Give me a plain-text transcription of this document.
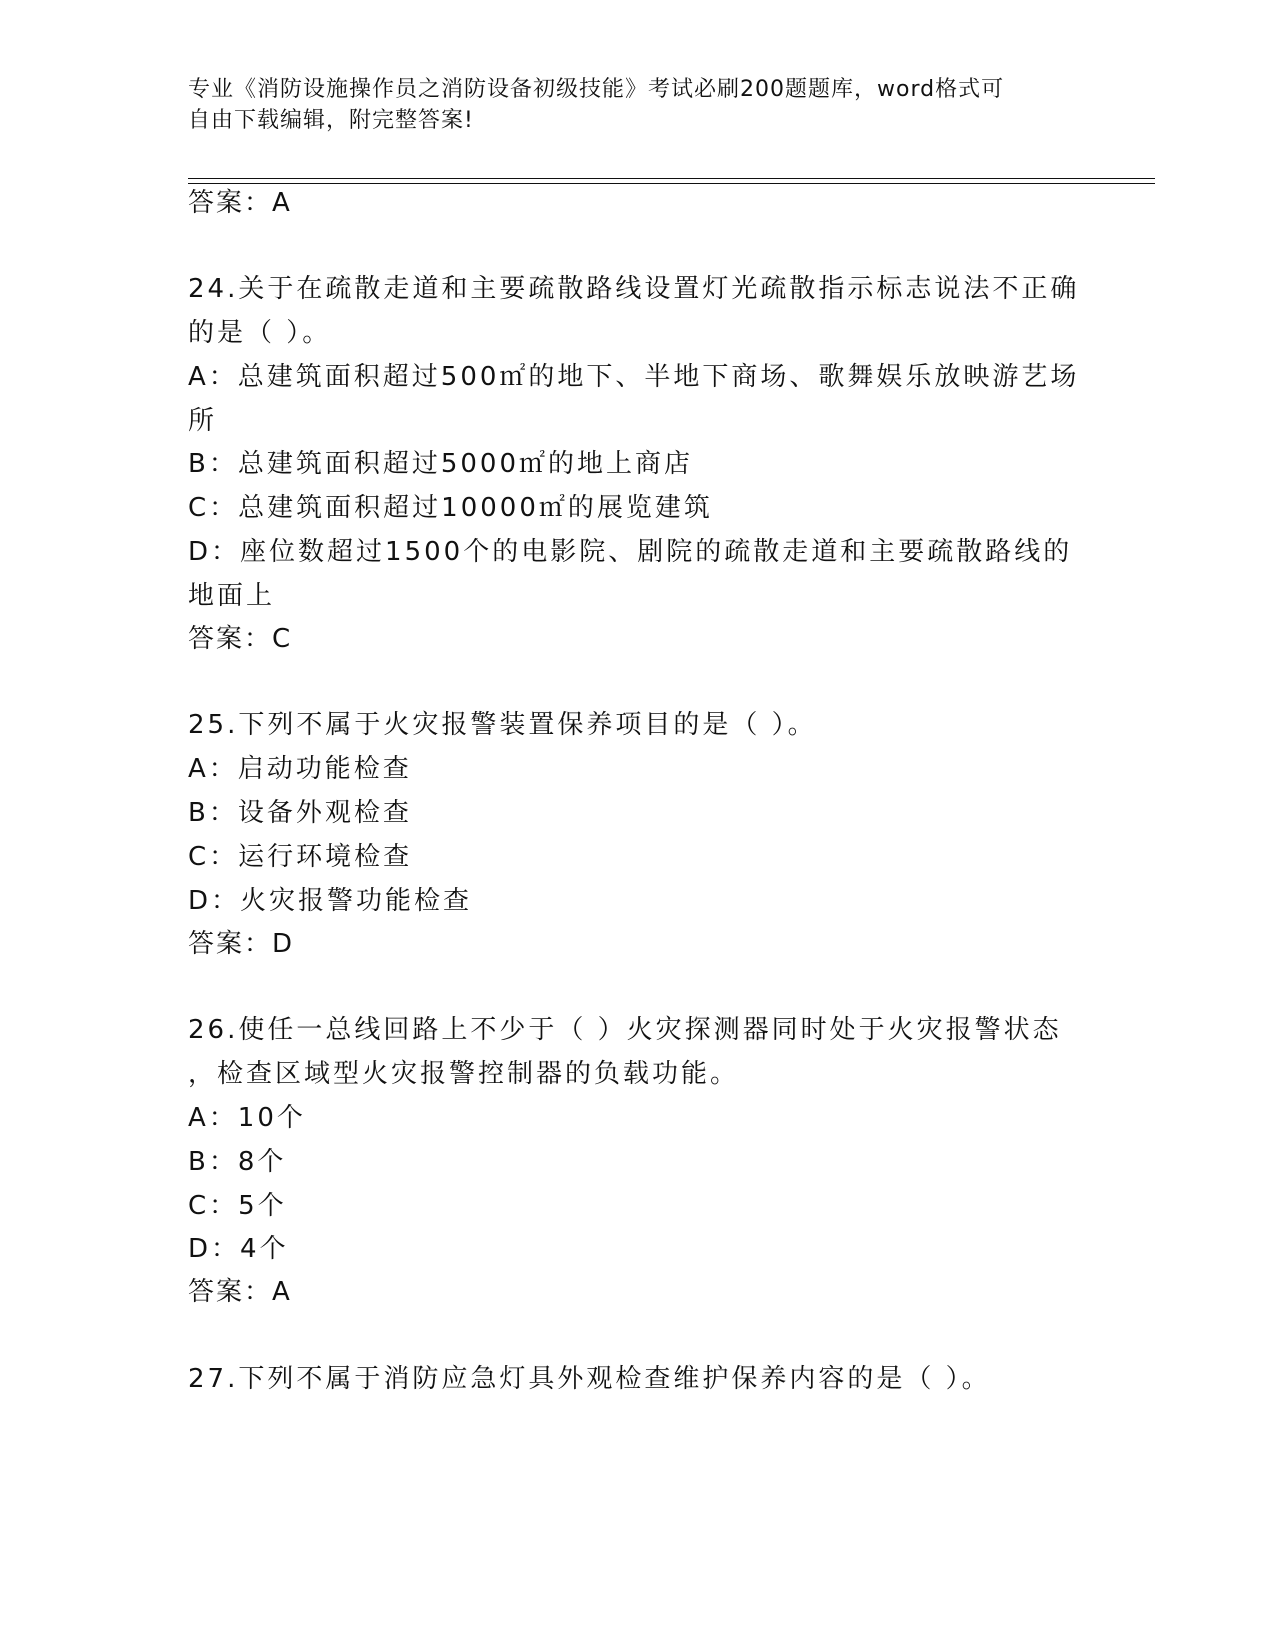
专业《消防设施操作员之消防设备初级技能》考试必刷200题题库，word格式可
自由下载编辑，附完整答案!
答案：A
24.关于在疏散走道和主要疏散路线设置灯光疏散指示标志说法不正确
的是（ ）。
A：总建筑面积超过500㎡的地下、半地下商场、歌舞娱乐放映游艺场
所
B：总建筑面积超过5000㎡的地上商店
C：总建筑面积超过10000㎡的展览建筑
D：座位数超过1500个的电影院、剧院的疏散走道和主要疏散路线的
地面上
答案：C
25.下列不属于火灾报警装置保养项目的是（ ）。
A：启动功能检查
B：设备外观检查
C：运行环境检查
D：火灾报警功能检查
答案：D
26.使任一总线回路上不少于（ ）火灾探测器同时处于火灾报警状态
，检查区域型火灾报警控制器的负载功能。
A：10个
B：8个
C：5个
D：4个
答案：A
27.下列不属于消防应急灯具外观检查维护保养内容的是（ ）。
